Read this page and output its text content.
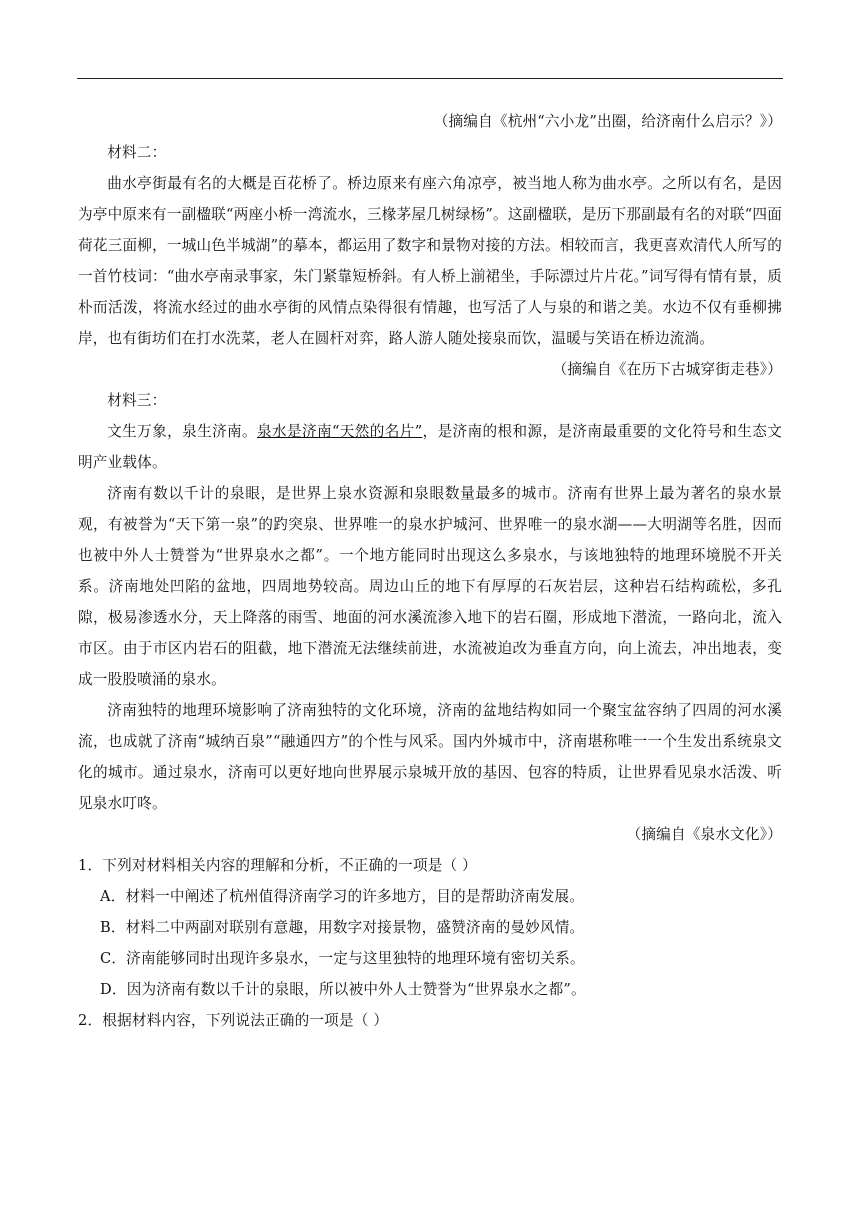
（摘编自《杭州“六小龙”出圈，给济南什么启示？》）

材料二：

曲水亭街最有名的大概是百花桥了。桥边原来有座六角凉亭，被当地人称为曲水亭。之所以有名，是因为亭中原来有一副楹联“两座小桥一湾流水，三椽茅屋几树绿杨”。这副楹联，是历下那副最有名的对联“四面荷花三面柳，一城山色半城湖”的摹本，都运用了数字和景物对接的方法。相较而言，我更喜欢清代人所写的一首竹枝词：“曲水亭南录事家，朱门紧靠短桥斜。有人桥上湔裙坐，手际漂过片片花。”词写得有情有景，质朴而活泼，将流水经过的曲水亭街的风情点染得很有情趣，也写活了人与泉的和谐之美。水边不仅有垂柳拂岸，也有街坊们在打水洗菜，老人在圆杆对弈，路人游人随处接泉而饮，温暖与笑语在桥边流淌。

（摘编自《在历下古城穿街走巷》）

材料三：

文生万象，泉生济南。泉水是济南“天然的名片”，是济南的根和源，是济南最重要的文化符号和生态文明产业载体。

济南有数以千计的泉眼，是世界上泉水资源和泉眼数量最多的城市。济南有世界上最为著名的泉水景观，有被誉为“天下第一泉”的趵突泉、世界唯一的泉水护城河、世界唯一的泉水湖——大明湖等名胜，因而也被中外人士赞誉为“世界泉水之都”。一个地方能同时出现这么多泉水，与该地独特的地理环境脱不开关系。济南地处凹陷的盆地，四周地势较高。周边山丘的地下有厚厚的石灰岩层，这种岩石结构疏松，多孔隙，极易渗透水分，天上降落的雨雪、地面的河水溪流渗入地下的岩石圈，形成地下潜流，一路向北，流入市区。由于市区内岩石的阻截，地下潜流无法继续前进，水流被迫改为垂直方向，向上流去，冲出地表，变成一股股喷涌的泉水。

济南独特的地理环境影响了济南独特的文化环境，济南的盆地结构如同一个聚宝盆容纳了四周的河水溪流，也成就了济南“城纳百泉”“融通四方”的个性与风采。国内外城市中，济南堪称唯一一个生发出系统泉文化的城市。通过泉水，济南可以更好地向世界展示泉城开放的基因、包容的特质，让世界看见泉水活泼、听见泉水叮咚。

（摘编自《泉水文化》）

1．下列对材料相关内容的理解和分析，不正确的一项是（ ）

A．材料一中阐述了杭州值得济南学习的许多地方，目的是帮助济南发展。

B．材料二中两副对联别有意趣，用数字对接景物，盛赞济南的曼妙风情。

C．济南能够同时出现许多泉水，一定与这里独特的地理环境有密切关系。

D．因为济南有数以千计的泉眼，所以被中外人士赞誉为“世界泉水之都”。

2．根据材料内容，下列说法正确的一项是（ ）
